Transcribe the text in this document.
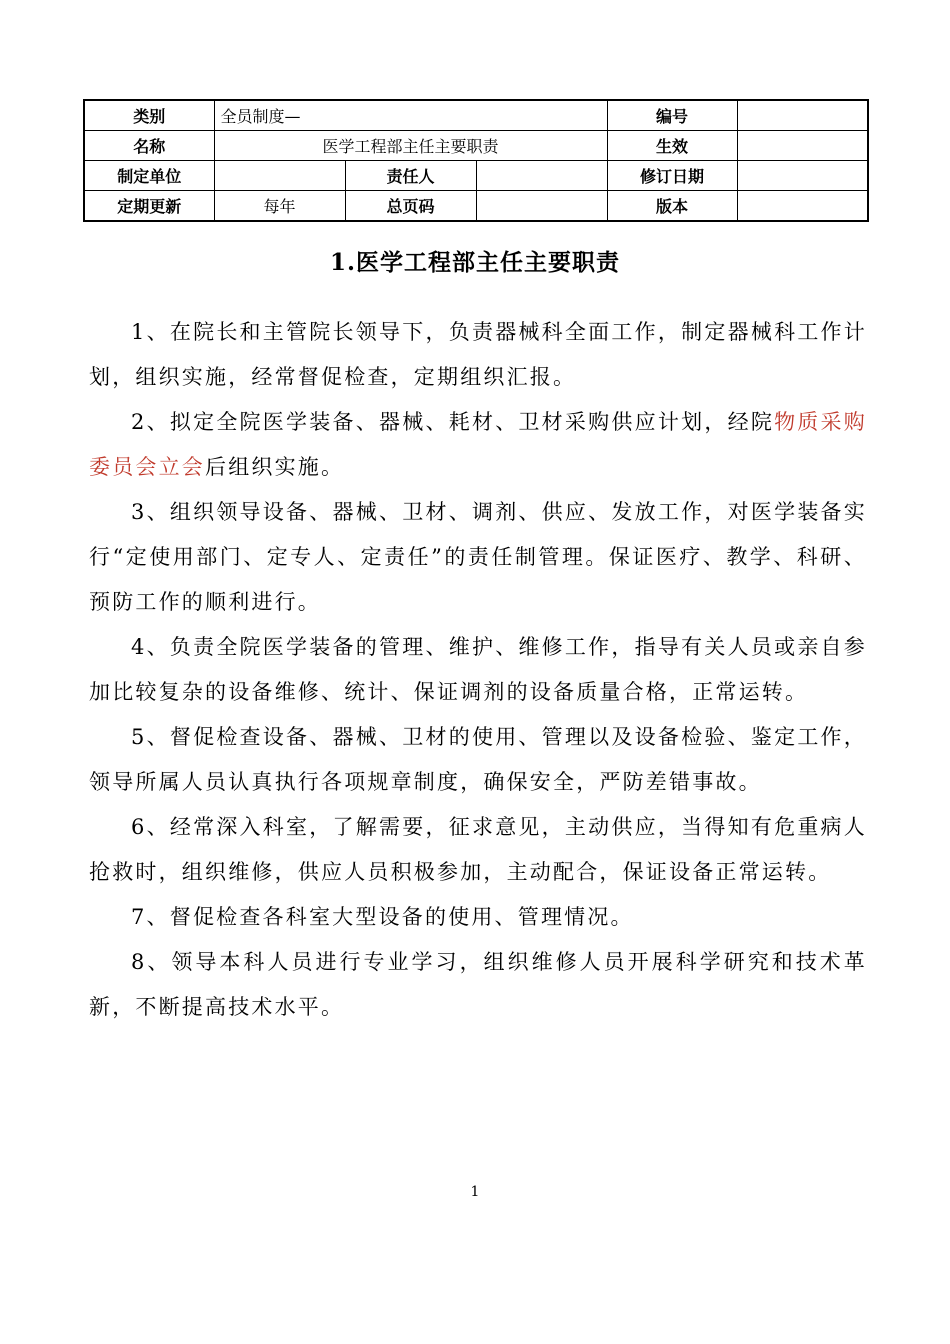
类别	全员制度—			编号	
名称	医学工程部主任主要职责			生效	
制定单位		责任人		修订日期	
定期更新	每年	总页码		版本	
1.医学工程部主任主要职责

1、在院长和主管院长领导下，负责器械科全面工作，制定器械科工作计划，组织实施，经常督促检查，定期组织汇报。

2、拟定全院医学装备、器械、耗材、卫材采购供应计划，经院物质采购委员会立会后组织实施。

3、组织领导设备、器械、卫材、调剂、供应、发放工作，对医学装备实行“定使用部门、定专人、定责任”的责任制管理。保证医疗、教学、科研、预防工作的顺利进行。

4、负责全院医学装备的管理、维护、维修工作，指导有关人员或亲自参加比较复杂的设备维修、统计、保证调剂的设备质量合格，正常运转。

5、督促检查设备、器械、卫材的使用、管理以及设备检验、鉴定工作，领导所属人员认真执行各项规章制度，确保安全，严防差错事故。

6、经常深入科室，了解需要，征求意见，主动供应，当得知有危重病人抢救时，组织维修，供应人员积极参加，主动配合，保证设备正常运转。

7、督促检查各科室大型设备的使用、管理情况。

8、领导本科人员进行专业学习，组织维修人员开展科学研究和技术革新，不断提高技术水平。

1
